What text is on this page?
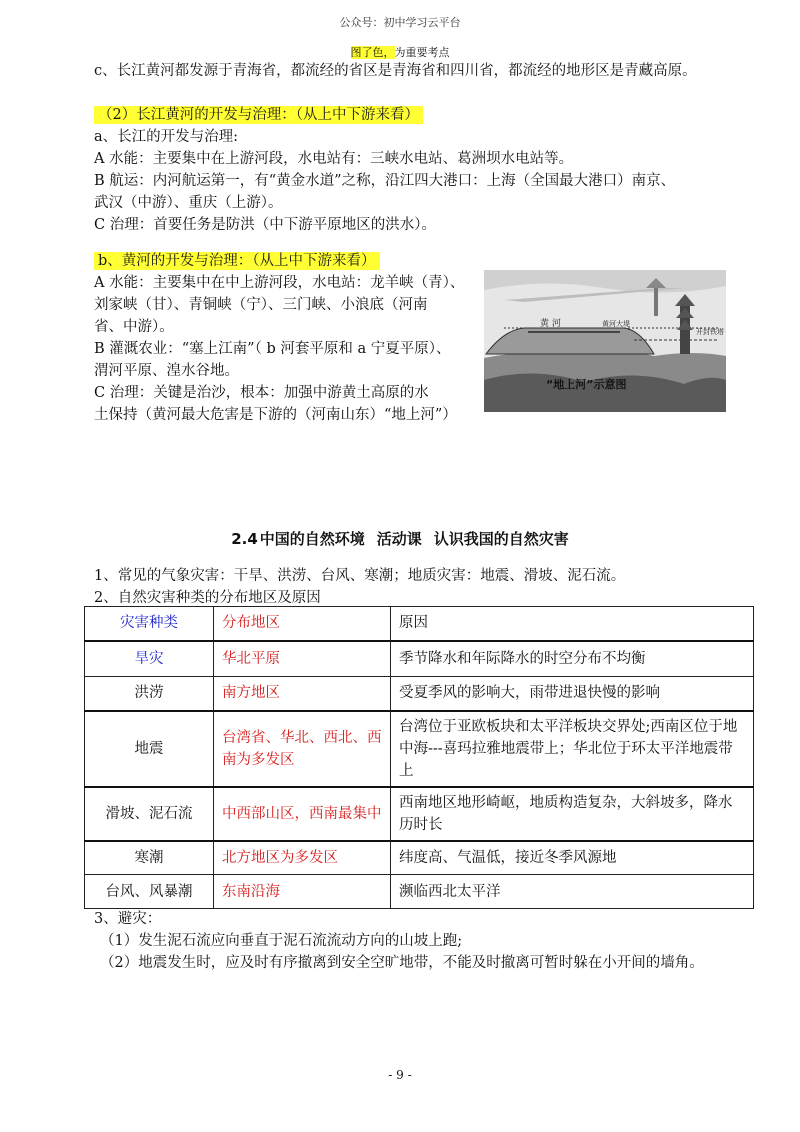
公众号：初中学习云平台
图了色，为重要考点
c、长江黄河都发源于青海省，都流经的省区是青海省和四川省，都流经的地形区是青藏高原。
（2）长江黄河的开发与治理：（从上中下游来看）
a、长江的开发与治理:
A 水能：主要集中在上游河段，水电站有：三峡水电站、葛洲坝水电站等。
B 航运：内河航运第一，有“黄金水道”之称，沿江四大港口：上海（全国最大港口）南京、
武汉（中游）、重庆（上游）。
C 治理：首要任务是防洪（中下游平原地区的洪水）。
b、黄河的开发与治理：（从上中下游来看）
A 水能：主要集中在中上游河段，水电站：龙羊峡（青）、
刘家峡（甘）、青铜峡（宁）、三门峡、小浪底（河南
省、中游）。
B 灌溉农业：“塞上江南”（ b 河套平原和 a 宁夏平原）、
渭河平原、湟水谷地。
C 治理：关键是治沙，根本：加强中游黄土高原的水
土保持（黄河最大危害是下游的（河南山东）“地上河”）
黄 河	黄河大堤
开封铁塔
“地上河”示意图
2.4 中国的自然环境 活动课 认识我国的自然灾害
1、常见的气象灾害：干旱、洪涝、台风、寒潮；地质灾害：地震、滑坡、泥石流。
2、自然灾害种类的分布地区及原因
灾害种类	分布地区	原因
旱灾	华北平原	季节降水和年际降水的时空分布不均衡
洪涝	南方地区	受夏季风的影响大，雨带进退快慢的影响
地震	台湾省、华北、西北、西南为多发区	台湾位于亚欧板块和太平洋板块交界处;西南区位于地中海---喜玛拉雅地震带上；华北位于环太平洋地震带上
滑坡、泥石流	中西部山区，西南最集中	西南地区地形崎岖，地质构造复杂，大斜坡多，降水历时长
寒潮	北方地区为多发区	纬度高、气温低，接近冬季风源地
台风、风暴潮	东南沿海	濒临西北太平洋
3、避灾：
（1）发生泥石流应向垂直于泥石流流动方向的山坡上跑;
（2）地震发生时，应及时有序撤离到安全空旷地带，不能及时撤离可暂时躲在小开间的墙角。
- 9 -
